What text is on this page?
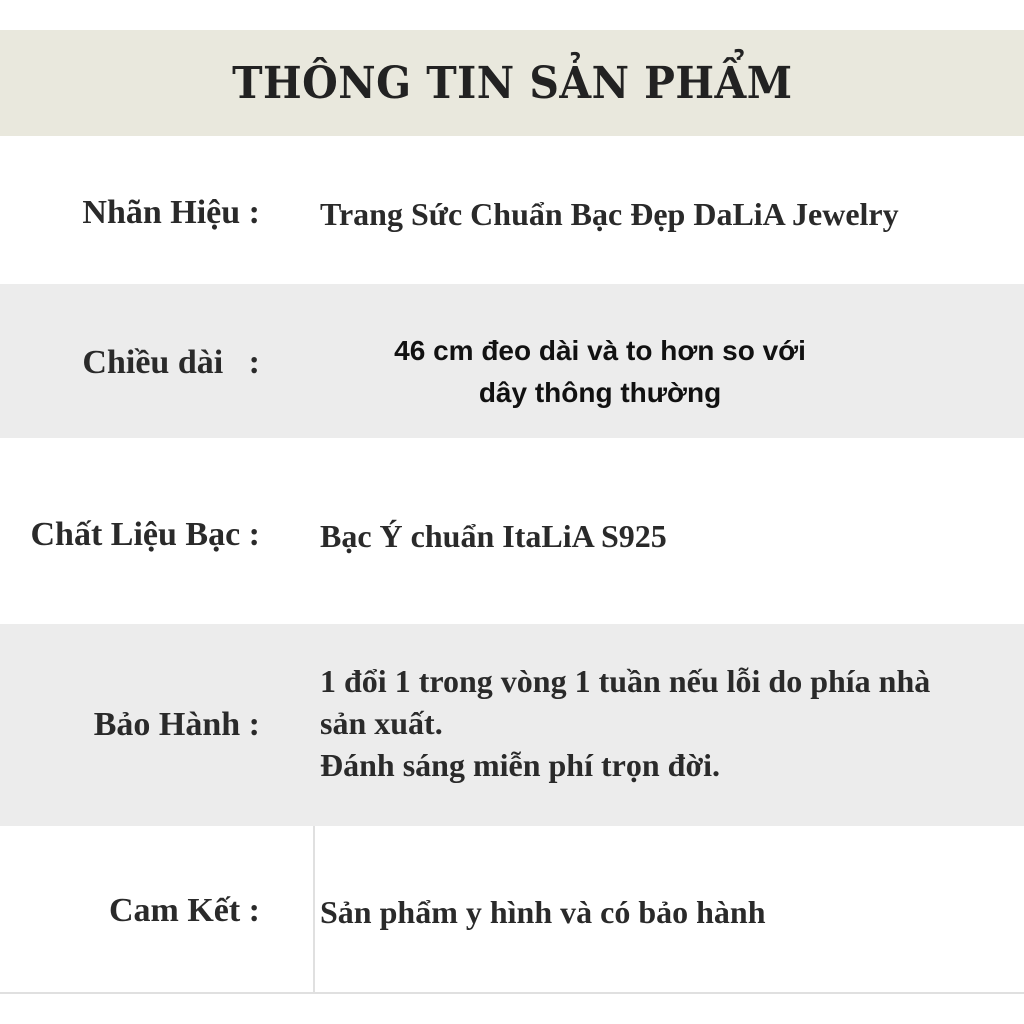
THÔNG TIN SẢN PHẨM
Nhãn Hiệu : Trang Sức Chuẩn Bạc Đẹp DaLiA Jewelry
Chiều dài   :	46 cm đeo dài và to hơn so với
dây thông thường
Chất Liệu Bạc : Bạc Ý chuẩn ItaLiA S925
Bảo Hành :
1 đổi 1 trong vòng 1 tuần nếu lỗi do phía nhà
sản xuất.
Đánh sáng miễn phí trọn đời.
Cam Kết : Sản phẩm y hình và có bảo hành
